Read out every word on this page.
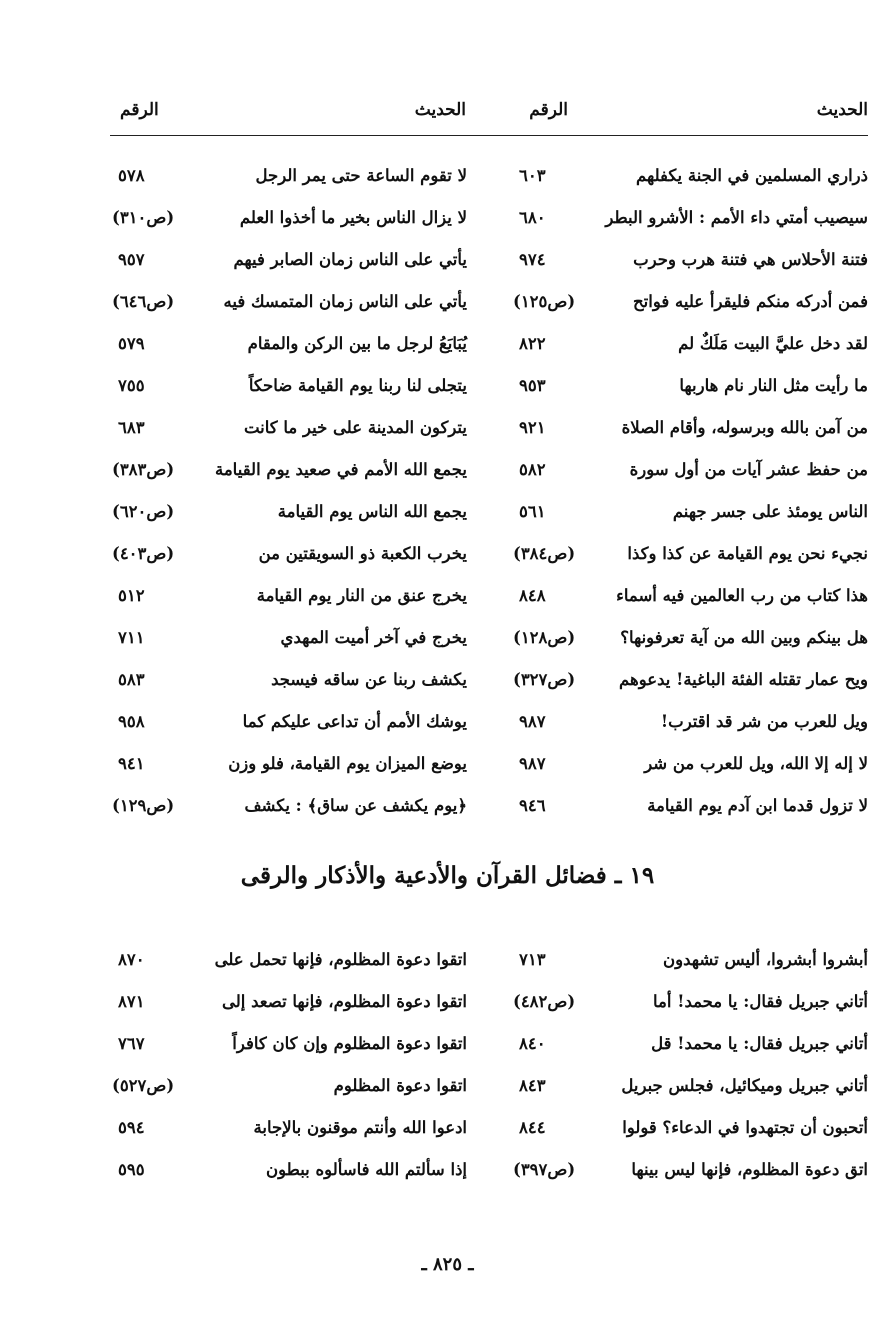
الحديث
الرقم
الحديث
الرقم
ذراري المسلمين في الجنة يكفلهم
٦٠٣
سيصيب أمتي داء الأمم : الأشرو البطر
٦٨٠
فتنة الأحلاس هي فتنة هرب وحرب
٩٧٤
فمن أدركه منكم فليقرأ عليه فواتح
(ص١٢٥)
لقد دخل عليَّ البيت مَلَكٌ لم
٨٢٢
ما رأيت مثل النار نام هاربها
٩٥٣
من آمن بالله وبرسوله، وأقام الصلاة
٩٢١
من حفظ عشر آيات من أول سورة
٥٨٢
الناس يومئذ على جسر جهنم
٥٦١
نجيء نحن يوم القيامة عن كذا وكذا
(ص٣٨٤)
هذا كتاب من رب العالمين فيه أسماء
٨٤٨
هل بينكم وبين الله من آية تعرفونها؟
(ص١٢٨)
ويح عمار تقتله الفئة الباغية! يدعوهم
(ص٣٢٧)
ويل للعرب من شر قد اقترب!
٩٨٧
لا إله إلا الله، ويل للعرب من شر
٩٨٧
لا تزول قدما ابن آدم يوم القيامة
٩٤٦
لا تقوم الساعة حتى يمر الرجل
٥٧٨
لا يزال الناس بخير ما أخذوا العلم
(ص٣١٠)
يأتي على الناس زمان الصابر فيهم
٩٥٧
يأتي على الناس زمان المتمسك فيه
(ص٦٤٦)
يُبَايَعُ لرجل ما بين الركن والمقام
٥٧٩
يتجلى لنا ربنا يوم القيامة ضاحكاً
٧٥٥
يتركون المدينة على خير ما كانت
٦٨٣
يجمع الله الأمم في صعيد يوم القيامة
(ص٣٨٣)
يجمع الله الناس يوم القيامة
(ص٦٢٠)
يخرب الكعبة ذو السويقتين من
(ص٤٠٣)
يخرج عنق من النار يوم القيامة
٥١٢
يخرج في آخر أميت المهدي
٧١١
يكشف ربنا عن ساقه فيسجد
٥٨٣
يوشك الأمم أن تداعى عليكم كما
٩٥٨
يوضع الميزان يوم القيامة، فلو وزن
٩٤١
﴿يوم يكشف عن ساق﴾ : يكشف
(ص١٢٩)
١٩ ـ فضائل القرآن والأدعية والأذكار والرقى
أبشروا أبشروا، أليس تشهدون
٧١٣
أتاني جبريل فقال: يا محمد! أما
(ص٤٨٢)
أتاني جبريل فقال: يا محمد! قل
٨٤٠
أتاني جبريل وميكائيل، فجلس جبريل
٨٤٣
أتحبون أن تجتهدوا في الدعاء؟ قولوا
٨٤٤
اتق دعوة المظلوم، فإنها ليس بينها
(ص٣٩٧)
اتقوا دعوة المظلوم، فإنها تحمل على
٨٧٠
اتقوا دعوة المظلوم، فإنها تصعد إلى
٨٧١
اتقوا دعوة المظلوم وإن كان كافراً
٧٦٧
اتقوا دعوة المظلوم
(ص٥٢٧)
ادعوا الله وأنتم موقنون بالإجابة
٥٩٤
إذا سألتم الله فاسألوه ببطون
٥٩٥
ـ ٨٢٥ ـ
